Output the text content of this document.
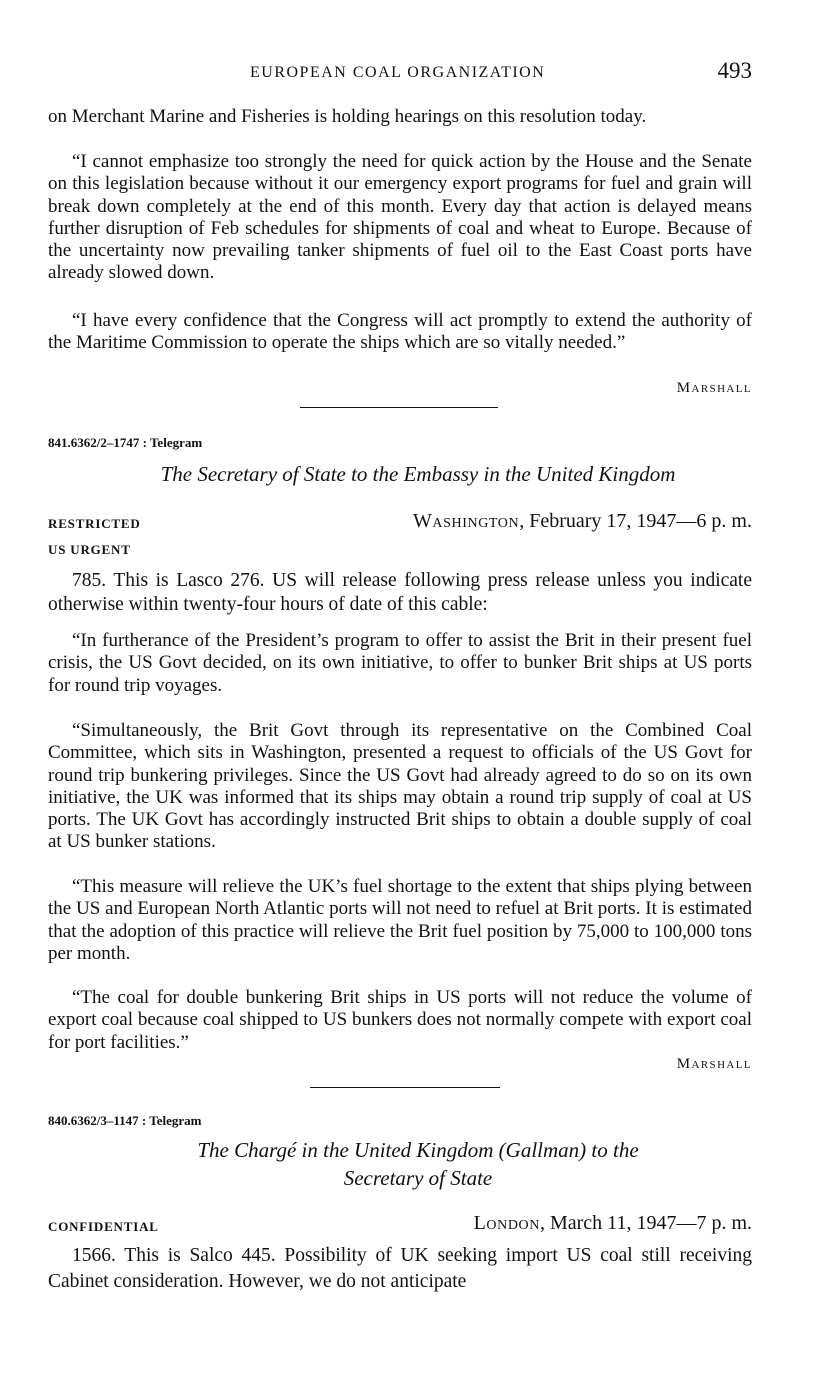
EUROPEAN COAL ORGANIZATION	493

on Merchant Marine and Fisheries is holding hearings on this resolution today.

“I cannot emphasize too strongly the need for quick action by the House and the Senate on this legislation because without it our emergency export programs for fuel and grain will break down completely at the end of this month. Every day that action is delayed means further disruption of Feb schedules for shipments of coal and wheat to Europe. Because of the uncertainty now prevailing tanker shipments of fuel oil to the East Coast ports have already slowed down.

“I have every confidence that the Congress will act promptly to extend the authority of the Maritime Commission to operate the ships which are so vitally needed.”

Marshall
841.6362/2–1747 : Telegram
The Secretary of State to the Embassy in the United Kingdom
RESTRICTED	Washington, February 17, 1947—6 p. m.
US URGENT

785. This is Lasco 276. US will release following press release unless you indicate otherwise within twenty-four hours of date of this cable:

“In furtherance of the President’s program to offer to assist the Brit in their present fuel crisis, the US Govt decided, on its own initiative, to offer to bunker Brit ships at US ports for round trip voyages.

“Simultaneously, the Brit Govt through its representative on the Combined Coal Committee, which sits in Washington, presented a request to officials of the US Govt for round trip bunkering privileges. Since the US Govt had already agreed to do so on its own initiative, the UK was informed that its ships may obtain a round trip supply of coal at US ports. The UK Govt has accordingly instructed Brit ships to obtain a double supply of coal at US bunker stations.

“This measure will relieve the UK’s fuel shortage to the extent that ships plying between the US and European North Atlantic ports will not need to refuel at Brit ports. It is estimated that the adoption of this practice will relieve the Brit fuel position by 75,000 to 100,000 tons per month.

“The coal for double bunkering Brit ships in US ports will not reduce the volume of export coal because coal shipped to US bunkers does not normally compete with export coal for port facilities.”

Marshall
840.6362/3–1147 : Telegram
The Chargé in the United Kingdom (Gallman) to the
Secretary of State
CONFIDENTIAL	London, March 11, 1947—7 p. m.

1566. This is Salco 445. Possibility of UK seeking import US coal still receiving Cabinet consideration. However, we do not anticipate
